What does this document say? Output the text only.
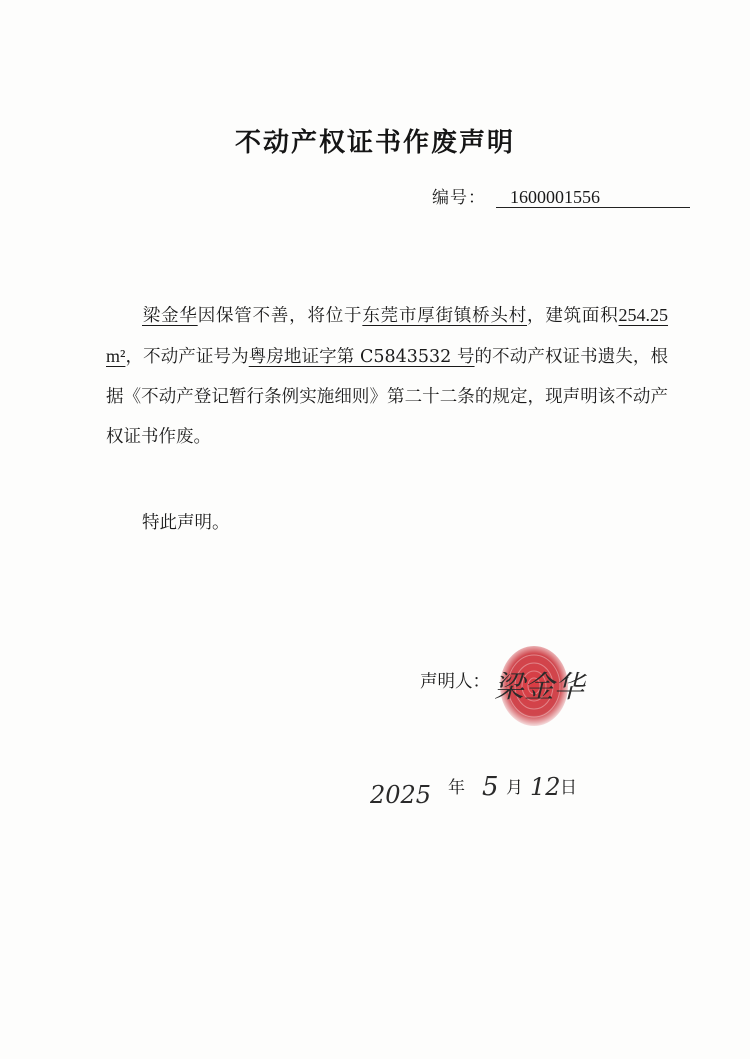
不动产权证书作废声明
编号： 1600001556

梁金华因保管不善，将位于东莞市厚街镇桥头村，建筑面积254.25 m²，不动产证号为粤房地证字第 C5843532 号的不动产权证书遗失，根据《不动产登记暂行条例实施细则》第二十二条的规定，现声明该不动产权证书作废。

特此声明。
声明人： 梁金华
2025 年 5 月 12 日
